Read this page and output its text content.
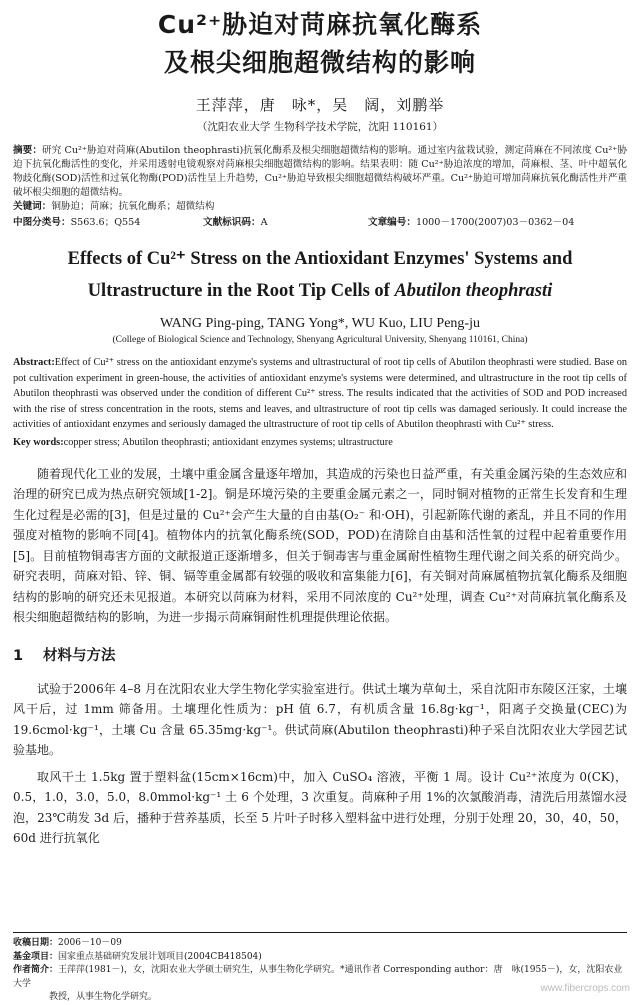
Cu²⁺胁迫对苘麻抗氧化酶系
及根尖细胞超微结构的影响
王萍萍，唐　咏*，吴　阔，刘鹏举
（沈阳农业大学 生物科学技术学院，沈阳 110161）
摘要：研究 Cu²⁺胁迫对苘麻(Abutilon theophrasti)抗氧化酶系及根尖细胞超微结构的影响。通过室内盆栽试验，测定苘麻在不同浓度 Cu²⁺胁迫下抗氧化酶活性的变化，并采用透射电镜观察对苘麻根尖细胞超微结构的影响。结果表明：随 Cu²⁺胁迫浓度的增加，苘麻根、茎、叶中超氧化物歧化酶(SOD)活性和过氧化物酶(POD)活性呈上升趋势，Cu²⁺胁迫导致根尖细胞超微结构破坏严重。Cu²⁺胁迫可增加苘麻抗氧化酶活性并严重破坏根尖细胞的超微结构。
关键词：铜胁迫；苘麻；抗氧化酶系；超微结构
中图分类号：S563.6；Q554	文献标识码：A	文章编号：1000－1700(2007)03－0362－04
Effects of Cu²⁺ Stress on the Antioxidant Enzymes' Systems and
Ultrastructure in the Root Tip Cells of Abutilon theophrasti
WANG Ping-ping, TANG Yong*, WU Kuo, LIU Peng-ju
(College of Biological Science and Technology, Shenyang Agricultural University, Shenyang 110161, China)
Abstract:Effect of Cu²⁺ stress on the antioxidant enzyme's systems and ultrastructural of root tip cells of Abutilon theophrasti were studied. Base on pot cultivation experiment in green-house, the activities of antioxidant enzyme's systems were determined, and ultrastructure in the root tip cells of Abutilon theophrasti was observed under the condition of different Cu²⁺ stress. The results indicated that the activities of SOD and POD increased with the rise of stress concentration in the roots, stems and leaves, and ultrastructure of root tip cells was damaged seriously. It could increase the activities of antioxidant enzymes and seriously damaged the ultrastructure of root tip cells of Abutilon theophrasti with Cu²⁺ stress.
Key words:copper stress; Abutilon theophrasti; antioxidant enzymes systems; ultrastructure
随着现代化工业的发展，土壤中重金属含量逐年增加，其造成的污染也日益严重，有关重金属污染的生态效应和治理的研究已成为热点研究领域[1-2]。铜是环境污染的主要重金属元素之一，同时铜对植物的正常生长发育和生理生化过程是必需的[3]，但是过量的 Cu²⁺会产生大量的自由基(O₂⁻ 和·OH)，引起新陈代谢的紊乱，并且不同的作用强度对植物的影响不同[4]。植物体内的抗氧化酶系统(SOD，POD)在清除自由基和活性氧的过程中起着重要作用[5]。目前植物铜毒害方面的文献报道正逐渐增多，但关于铜毒害与重金属耐性植物生理代谢之间关系的研究尚少。研究表明，苘麻对铅、锌、铜、镉等重金属都有较强的吸收和富集能力[6]，有关铜对苘麻属植物抗氧化酶系及细胞结构的影响的研究还未见报道。本研究以苘麻为材料，采用不同浓度的 Cu²⁺处理，调查 Cu²⁺对苘麻抗氧化酶系及根尖细胞超微结构的影响，为进一步揭示苘麻铜耐性机理提供理论依据。
1 材料与方法
试验于2006年 4–8 月在沈阳农业大学生物化学实验室进行。供试土壤为草甸土，采自沈阳市东陵区汪家，土壤风干后，过 1mm 筛备用。土壤理化性质为：pH 值 6.7，有机质含量 16.8g·kg⁻¹，阳离子交换量(CEC)为 19.6cmol·kg⁻¹，土壤 Cu 含量 65.35mg·kg⁻¹。供试苘麻(Abutilon theophrasti)种子采自沈阳农业大学园艺试验基地。
取风干土 1.5kg 置于塑料盆(15cm×16cm)中，加入 CuSO₄ 溶液，平衡 1 周。设计 Cu²⁺浓度为 0(CK)，0.5，1.0，3.0，5.0，8.0mmol·kg⁻¹ 土 6 个处理，3 次重复。苘麻种子用 1%的次氯酸消毒，清洗后用蒸馏水浸泡，23℃萌发 3d 后，播种于营养基质，长至 5 片叶子时移入塑料盆中进行处理，分别于处理 20，30，40，50，60d 进行抗氧化
收稿日期：2006－10－09
基金项目：国家重点基础研究发展计划项目(2004CB418504)
作者简介：王萍萍(1981－)，女，沈阳农业大学硕士研究生，从事生物化学研究。*通讯作者 Corresponding author：唐　咏(1955－)，女，沈阳农业大学
教授，从事生物化学研究。
www.fibercrops.com
